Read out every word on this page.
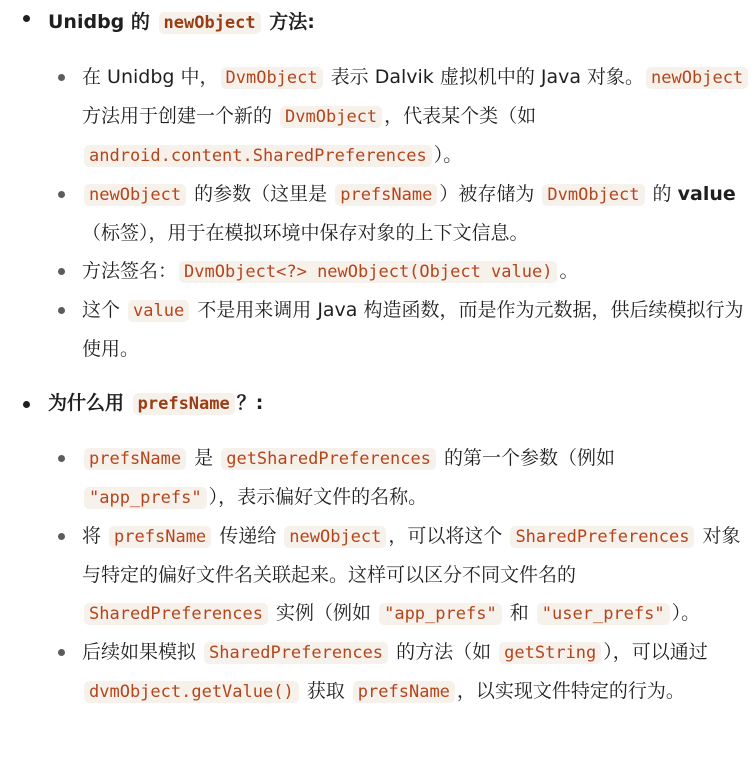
Unidbg 的 newObject 方法:
在 Unidbg 中， DvmObject 表示 Dalvik 虚拟机中的 Java 对象。 newObject 方法用于创建一个新的 DvmObject ，代表某个类（如 android.content.SharedPreferences ）。
newObject 的参数（这里是 prefsName ）被存储为 DvmObject 的 value（标签），用于在模拟环境中保存对象的上下文信息。
方法签名： DvmObject<?> newObject(Object value) 。
这个 value 不是用来调用 Java 构造函数，而是作为元数据，供后续模拟行为使用。
为什么用 prefsName ？:
prefsName 是 getSharedPreferences 的第一个参数（例如 "app_prefs" ），表示偏好文件的名称。
将 prefsName 传递给 newObject ，可以将这个 SharedPreferences 对象与特定的偏好文件名关联起来。这样可以区分不同文件名的 SharedPreferences 实例（例如 "app_prefs" 和 "user_prefs" ）。
后续如果模拟 SharedPreferences 的方法（如 getString ），可以通过 dvmObject.getValue() 获取 prefsName ，以实现文件特定的行为。
